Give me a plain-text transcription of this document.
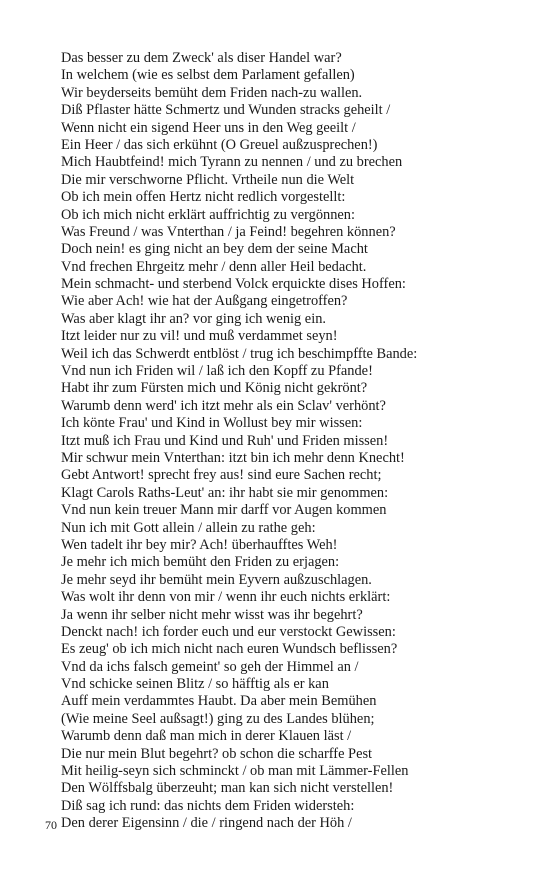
Das besser zu dem Zweck' als diser Handel war?
In welchem (wie es selbst dem Parlament gefallen)
Wir beyderseits bemüht dem Friden nach-zu wallen.
Diß Pflaster hätte Schmertz und Wunden stracks geheilt /
Wenn nicht ein sigend Heer uns in den Weg geeilt /
Ein Heer / das sich erkühnt (O Greuel außzusprechen!)
Mich Haubtfeind! mich Tyrann zu nennen / und zu brechen
Die mir verschworne Pflicht. Vrtheile nun die Welt
Ob ich mein offen Hertz nicht redlich vorgestellt:
Ob ich mich nicht erklärt auffrichtig zu vergönnen:
Was Freund / was Vnterthan / ja Feind! begehren können?
Doch nein! es ging nicht an bey dem der seine Macht
Vnd frechen Ehrgeitz mehr / denn aller Heil bedacht.
Mein schmacht- und sterbend Volck erquickte dises Hoffen:
Wie aber Ach! wie hat der Außgang eingetroffen?
Was aber klagt ihr an? vor ging ich wenig ein.
Itzt leider nur zu vil! und muß verdammet seyn!
Weil ich das Schwerdt entblöst / trug ich beschimpffte Bande:
Vnd nun ich Friden wil / laß ich den Kopff zu Pfande!
Habt ihr zum Fürsten mich und König nicht gekrönt?
Warumb denn werd' ich itzt mehr als ein Sclav' verhönt?
Ich könte Frau' und Kind in Wollust bey mir wissen:
Itzt muß ich Frau und Kind und Ruh' und Friden missen!
Mir schwur mein Vnterthan: itzt bin ich mehr denn Knecht!
Gebt Antwort! sprecht frey aus! sind eure Sachen recht;
Klagt Carols Raths-Leut' an: ihr habt sie mir genommen:
Vnd nun kein treuer Mann mir darff vor Augen kommen
Nun ich mit Gott allein / allein zu rathe geh:
Wen tadelt ihr bey mir? Ach! überhaufftes Weh!
Je mehr ich mich bemüht den Friden zu erjagen:
Je mehr seyd ihr bemüht mein Eyvern außzuschlagen.
Was wolt ihr denn von mir / wenn ihr euch nichts erklärt:
Ja wenn ihr selber nicht mehr wisst was ihr begehrt?
Denckt nach! ich forder euch und eur verstockt Gewissen:
Es zeug' ob ich mich nicht nach euren Wundsch beflissen?
Vnd da ichs falsch gemeint' so geh der Himmel an /
Vnd schicke seinen Blitz / so häfftig als er kan
Auff mein verdammtes Haubt. Da aber mein Bemühen
(Wie meine Seel außsagt!) ging zu des Landes blühen;
Warumb denn daß man mich in derer Klauen läst /
Die nur mein Blut begehrt? ob schon die scharffe Pest
Mit heilig-seyn sich schminckt / ob man mit Lämmer-Fellen
Den Wölffsbalg überzeuht; man kan sich nicht verstellen!
Diß sag ich rund: das nichts dem Friden widersteh:
Den derer Eigensinn / die / ringend nach der Höh /
70
